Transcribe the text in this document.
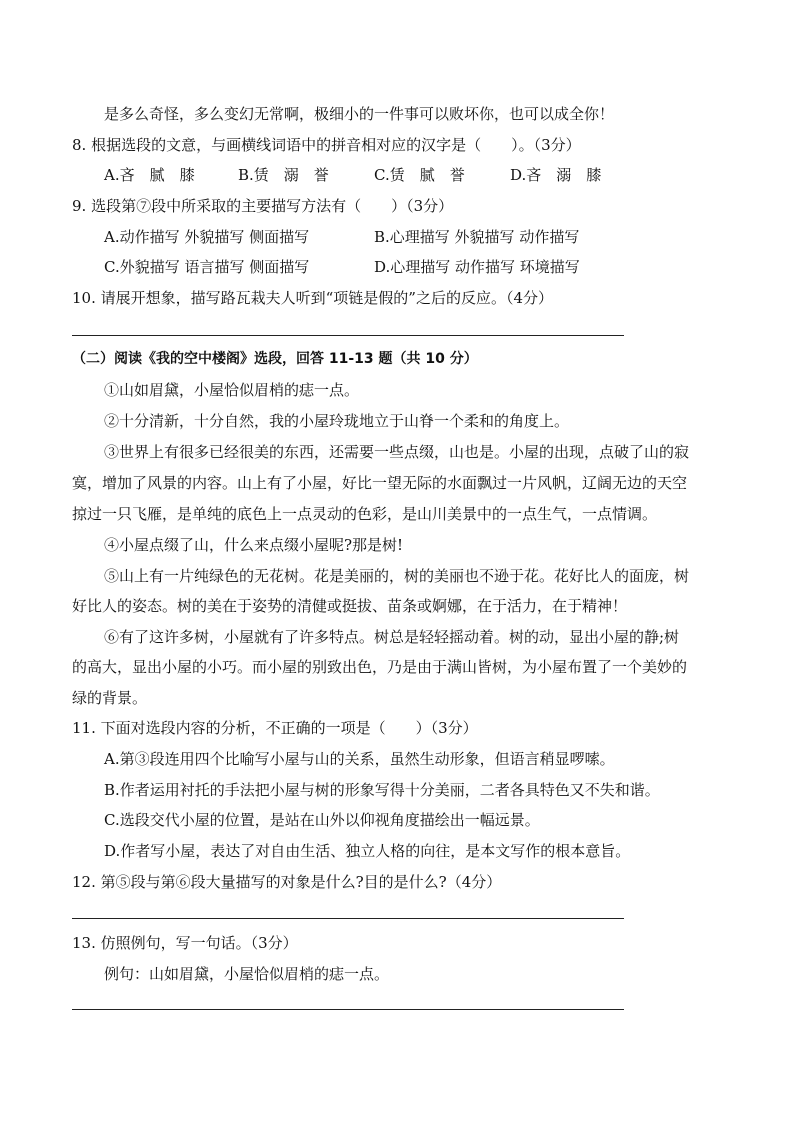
是多么奇怪，多么变幻无常啊，极细小的一件事可以败坏你，也可以成全你！
8. 根据选段的文意，与画横线词语中的拼音相对应的汉字是（　　）。（3分）
A.吝　腻　膝	B.赁　溺　誉	C.赁　腻　誉	D.吝　溺　膝
9. 选段第⑦段中所采取的主要描写方法有（　　）（3分）
A.动作描写 外貌描写 侧面描写	B.心理描写 外貌描写 动作描写
C.外貌描写 语言描写 侧面描写	D.心理描写 动作描写 环境描写
10. 请展开想象，描写路瓦栽夫人听到“项链是假的”之后的反应。（4分）
（二）阅读《我的空中楼阁》选段，回答 11-13 题（共 10 分）
①山如眉黛，小屋恰似眉梢的痣一点。
②十分清新，十分自然，我的小屋玲珑地立于山脊一个柔和的角度上。
③世界上有很多已经很美的东西，还需要一些点缀，山也是。小屋的出现，点破了山的寂
寞，增加了风景的内容。山上有了小屋，好比一望无际的水面飘过一片风帆，辽阔无边的天空
掠过一只飞雁，是单纯的底色上一点灵动的色彩，是山川美景中的一点生气，一点情调。
④小屋点缀了山，什么来点缀小屋呢?那是树!
⑤山上有一片纯绿色的无花树。花是美丽的，树的美丽也不逊于花。花好比人的面庞，树
好比人的姿态。树的美在于姿势的清健或挺拔、苗条或婀娜，在于活力，在于精神！
⑥有了这许多树，小屋就有了许多特点。树总是轻轻摇动着。树的动，显出小屋的静;树
的高大，显出小屋的小巧。而小屋的别致出色，乃是由于满山皆树，为小屋布置了一个美妙的
绿的背景。
11. 下面对选段内容的分析，不正确的一项是（　　）（3分）
A.第③段连用四个比喻写小屋与山的关系，虽然生动形象，但语言稍显啰嗦。
B.作者运用衬托的手法把小屋与树的形象写得十分美丽，二者各具特色又不失和谐。
C.选段交代小屋的位置，是站在山外以仰视角度描绘出一幅远景。
D.作者写小屋，表达了对自由生活、独立人格的向往，是本文写作的根本意旨。
12. 第⑤段与第⑥段大量描写的对象是什么?目的是什么?（4分）
13. 仿照例句，写一句话。（3分）
例句：山如眉黛，小屋恰似眉梢的痣一点。
